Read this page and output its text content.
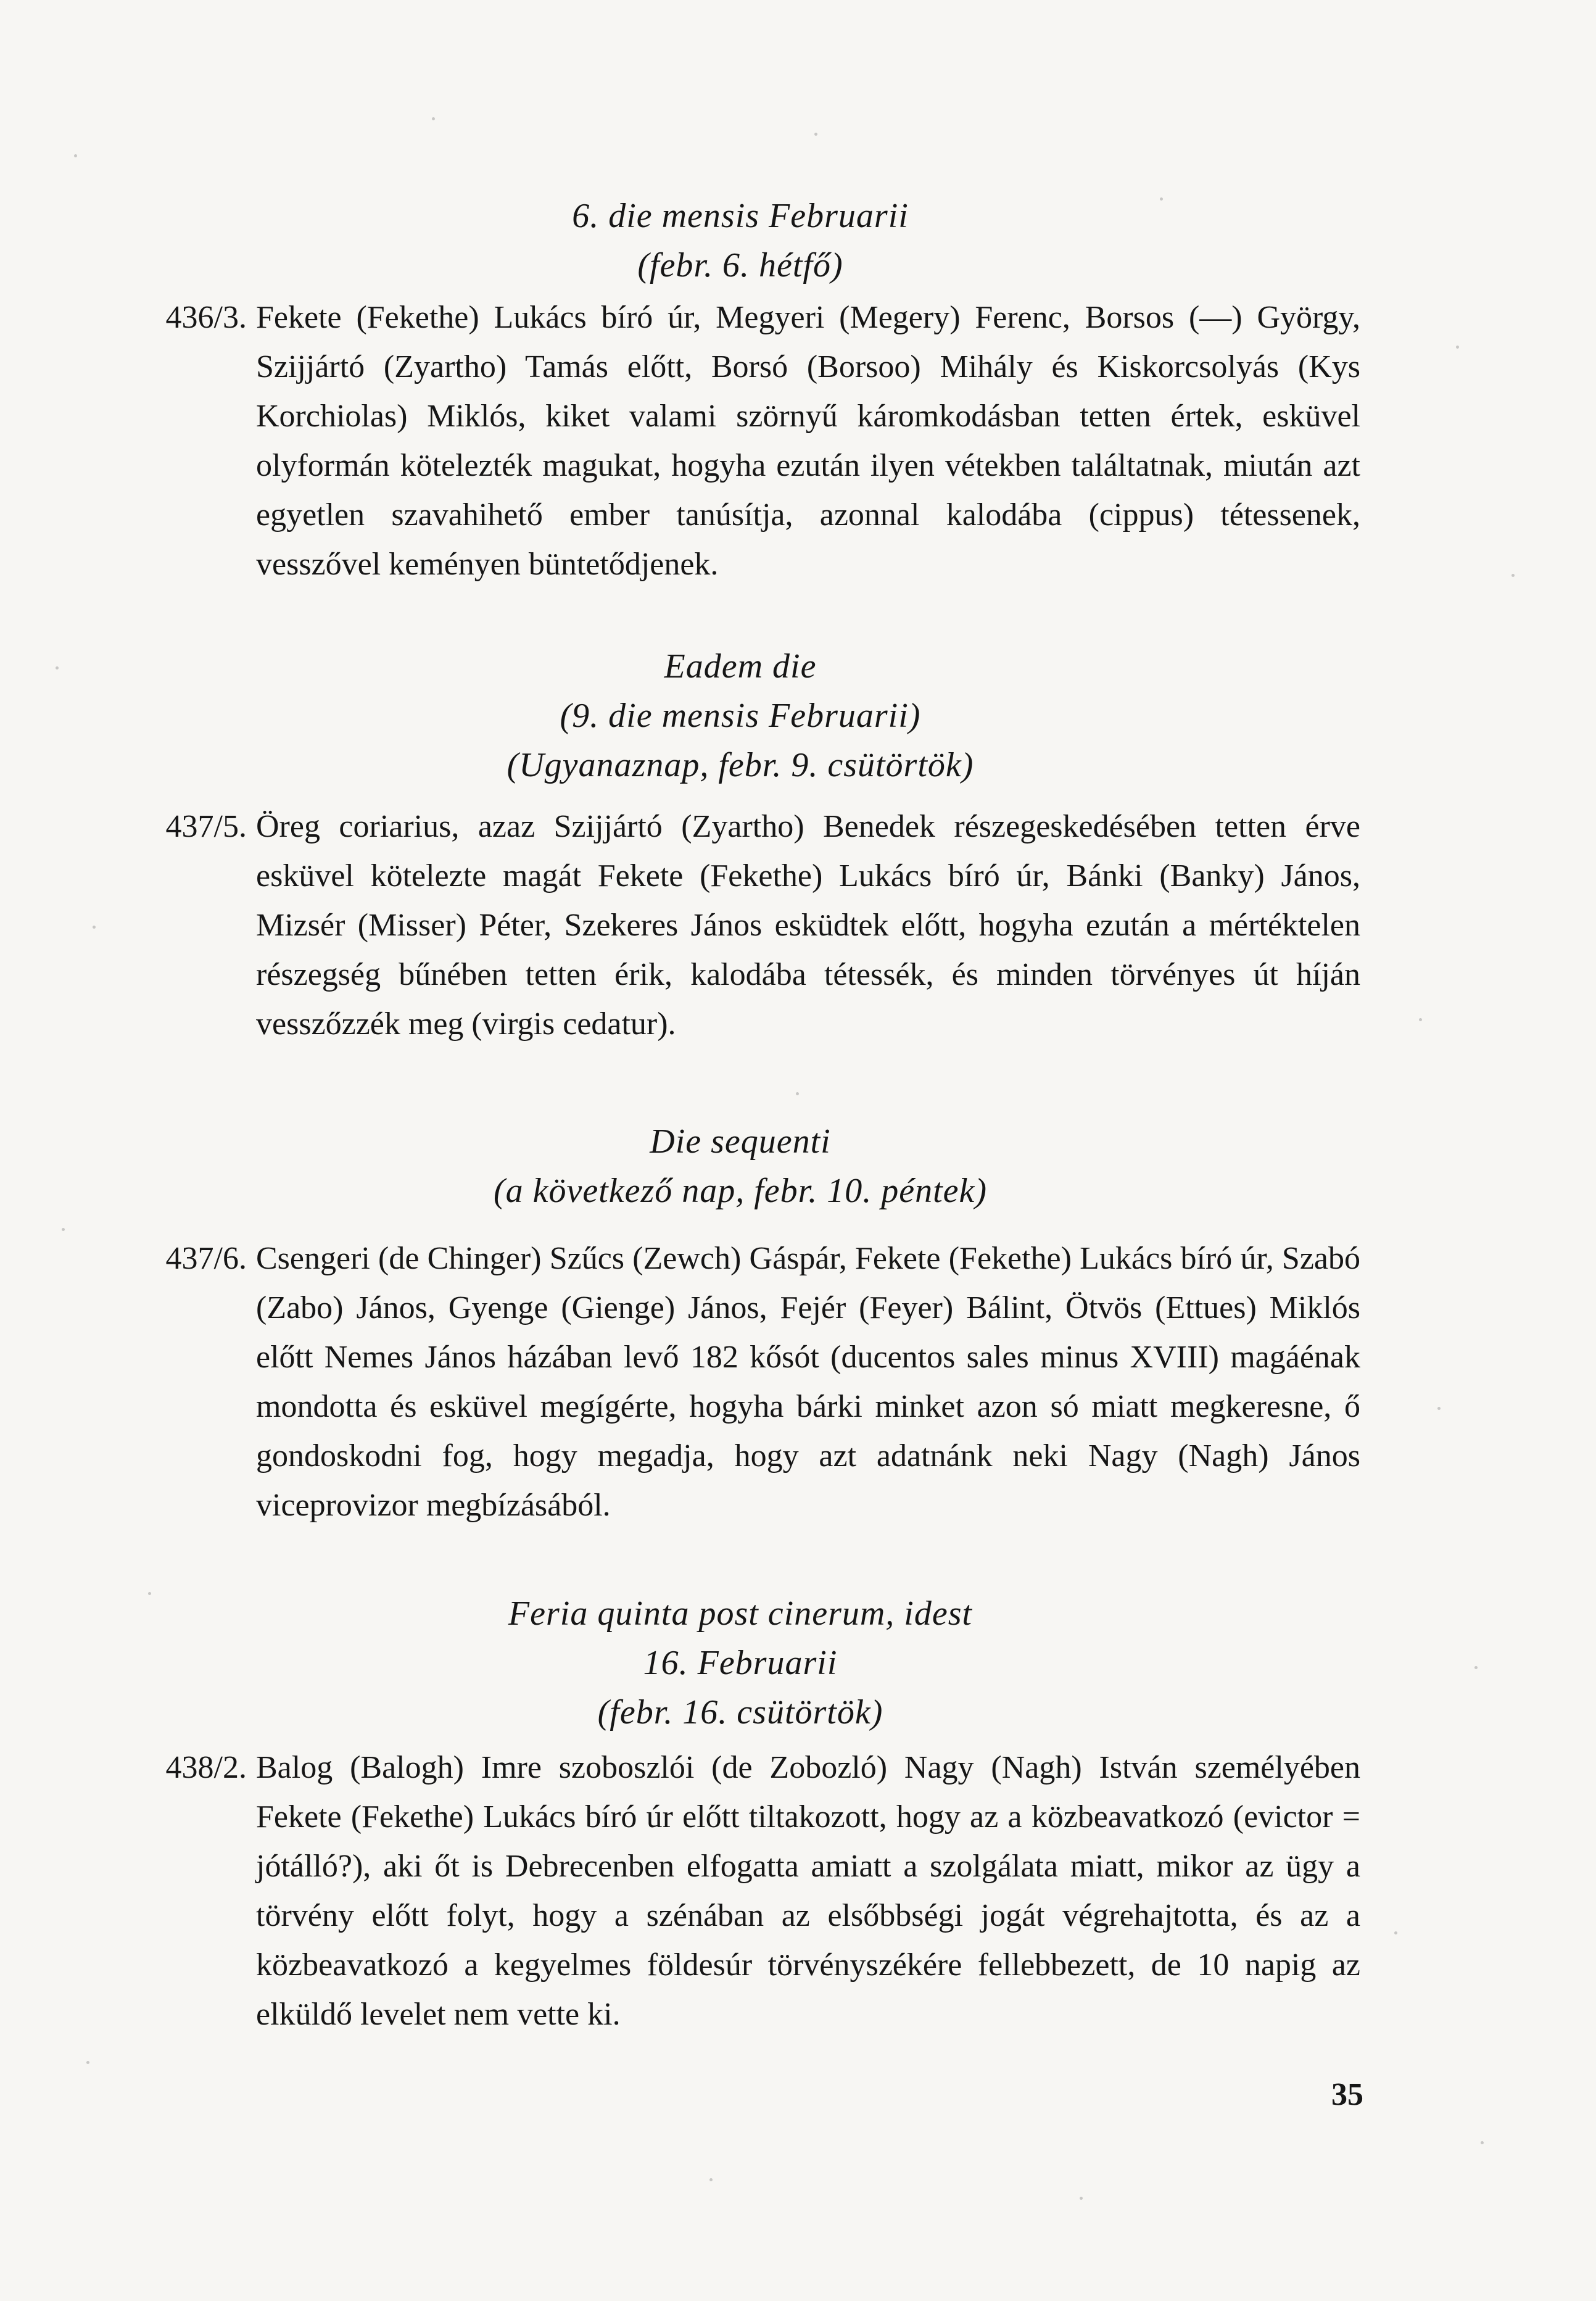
6. die mensis Februarii
(febr. 6. hétfő)
436/3. Fekete (Fekethe) Lukács bíró úr, Megyeri (Megery) Ferenc, Borsos (—) György, Szijjártó (Zyartho) Tamás előtt, Borsó (Borsoo) Mihály és Kiskorcsolyás (Kys Korchiolas) Miklós, kiket valami szörnyű káromkodásban tetten értek, esküvel olyformán kötelezték magukat, hogyha ezután ilyen vétekben találtatnak, miután azt egyetlen szavahihető ember tanúsítja, azonnal kalodába (cippus) tétessenek, vesszővel keményen büntetődjenek.

Eadem die
(9. die mensis Februarii)
(Ugyanaznap, febr. 9. csütörtök)
437/5. Öreg coriarius, azaz Szijjártó (Zyartho) Benedek részegeskedésében tetten érve esküvel kötelezte magát Fekete (Fekethe) Lukács bíró úr, Bánki (Banky) János, Mizsér (Misser) Péter, Szekeres János esküdtek előtt, hogyha ezután a mértéktelen részegség bűnében tetten érik, kalodába tétessék, és minden törvényes út híján vesszőzzék meg (virgis cedatur).

Die sequenti
(a következő nap, febr. 10. péntek)
437/6. Csengeri (de Chinger) Szűcs (Zewch) Gáspár, Fekete (Fekethe) Lukács bíró úr, Szabó (Zabo) János, Gyenge (Gienge) János, Fejér (Feyer) Bálint, Ötvös (Ettues) Miklós előtt Nemes János házában levő 182 kősót (ducentos sales minus XVIII) magáénak mondotta és esküvel megígérte, hogyha bárki minket azon só miatt megkeresne, ő gondoskodni fog, hogy megadja, hogy azt adatnánk neki Nagy (Nagh) János viceprovizor megbízásából.

Feria quinta post cinerum, idest
16. Februarii
(febr. 16. csütörtök)
438/2. Balog (Balogh) Imre szoboszlói (de Zobozló) Nagy (Nagh) István személyében Fekete (Fekethe) Lukács bíró úr előtt tiltakozott, hogy az a közbeavatkozó (evictor = jótálló?), aki őt is Debrecenben elfogatta amiatt a szolgálata miatt, mikor az ügy a törvény előtt folyt, hogy a szénában az elsőbbségi jogát végrehajtotta, és az a közbeavatkozó a kegyelmes földesúr törvényszékére fellebbezett, de 10 napig az elküldő levelet nem vette ki.

35
